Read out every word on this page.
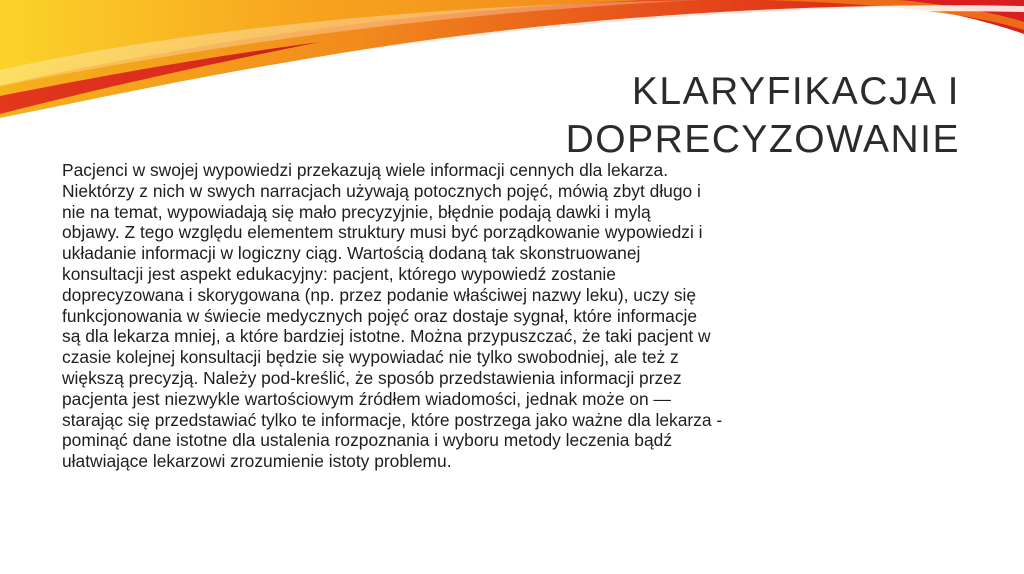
KLARYFIKACJA I
DOPRECYZOWANIE

Pacjenci w swojej wypowiedzi przekazują wiele informacji cennych dla lekarza.
Niektórzy z nich w swych narracjach używają potocznych pojęć, mówią zbyt długo i
nie na temat, wypowiadają się mało precyzyjnie, błędnie podają dawki i mylą
objawy. Z tego względu elementem struktury musi być porządkowanie wypowiedzi i
układanie informacji w logiczny ciąg. Wartością dodaną tak skonstruowanej
konsultacji jest aspekt edukacyjny: pacjent, którego wypowiedź zostanie
doprecyzowana i skorygowana (np. przez podanie właściwej nazwy leku), uczy się
funkcjonowania w świecie medycznych pojęć oraz dostaje sygnał, które informacje
są dla lekarza mniej, a które bardziej istotne. Można przypuszczać, że taki pacjent w
czasie kolejnej konsultacji będzie się wypowiadać nie tylko swobodniej, ale też z
większą precyzją. Należy pod-kreślić, że sposób przedstawienia informacji przez
pacjenta jest niezwykle wartościowym źródłem wiadomości, jednak może on —
starając się przedstawiać tylko te informacje, które postrzega jako ważne dla lekarza -
pominąć dane istotne dla ustalenia rozpoznania i wyboru metody leczenia bądź
ułatwiające lekarzowi zrozumienie istoty problemu.
